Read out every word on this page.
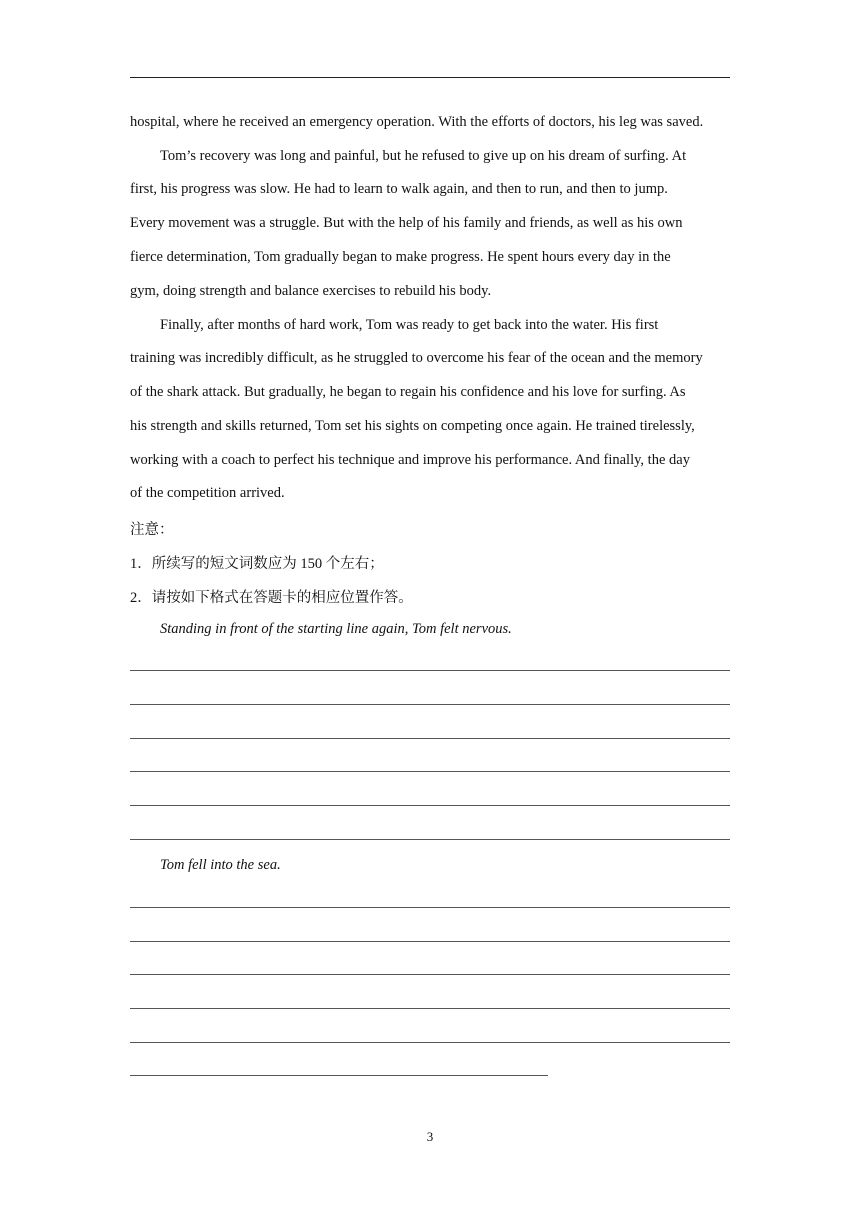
hospital, where he received an emergency operation. With the efforts of doctors, his leg was saved.
Tom’s recovery was long and painful, but he refused to give up on his dream of surfing. At
first, his progress was slow. He had to learn to walk again, and then to run, and then to jump.
Every movement was a struggle. But with the help of his family and friends, as well as his own
fierce determination, Tom gradually began to make progress. He spent hours every day in the
gym, doing strength and balance exercises to rebuild his body.
Finally, after months of hard work, Tom was ready to get back into the water. His first
training was incredibly difficult, as he struggled to overcome his fear of the ocean and the memory
of the shark attack. But gradually, he began to regain his confidence and his love for surfing. As
his strength and skills returned, Tom set his sights on competing once again. He trained tirelessly,
working with a coach to perfect his technique and improve his performance. And finally, the day
of the competition arrived.
注意：
1．所续写的短文词数应为 150 个左右；
2．请按如下格式在答题卡的相应位置作答。
Standing in front of the starting line again, Tom felt nervous.
Tom fell into the sea.
3
